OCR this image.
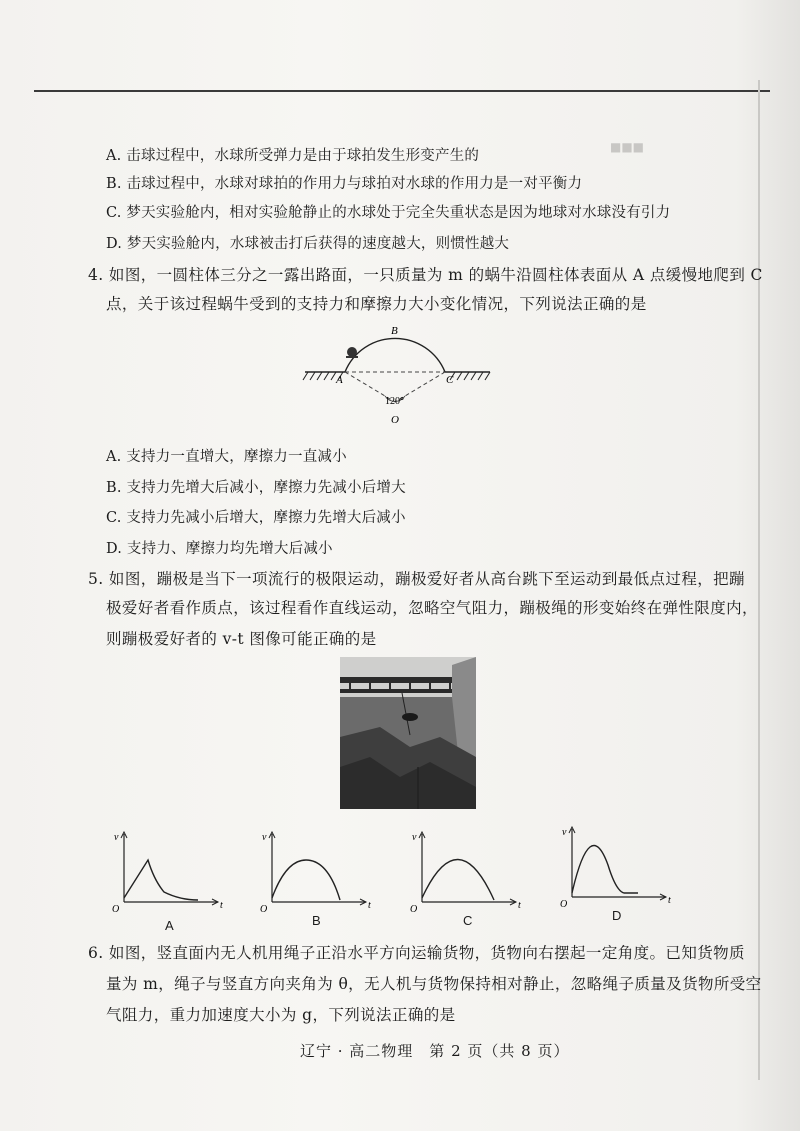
A. 击球过程中，水球所受弹力是由于球拍发生形变产生的
B. 击球过程中，水球对球拍的作用力与球拍对水球的作用力是一对平衡力
C. 梦天实验舱内，相对实验舱静止的水球处于完全失重状态是因为地球对水球没有引力
D. 梦天实验舱内，水球被击打后获得的速度越大，则惯性越大
4. 如图，一圆柱体三分之一露出路面，一只质量为 m 的蜗牛沿圆柱体表面从 A 点缓慢地爬到 C
点，关于该过程蜗牛受到的支持力和摩擦力大小变化情况，下列说法正确的是
B
A	C
120°
O
A. 支持力一直增大，摩擦力一直减小
B. 支持力先增大后减小，摩擦力先减小后增大
C. 支持力先减小后增大，摩擦力先增大后减小
D. 支持力、摩擦力均先增大后减小
5. 如图，蹦极是当下一项流行的极限运动，蹦极爱好者从高台跳下至运动到最低点过程，把蹦
极爱好者看作质点，该过程看作直线运动，忽略空气阻力，蹦极绳的形变始终在弹性限度内，
则蹦极爱好者的 v-t 图像可能正确的是
■■■
v
t
O
v
t
O
v
t
O
v
t
O
A	B	C	D
6. 如图，竖直面内无人机用绳子正沿水平方向运输货物，货物向右摆起一定角度。已知货物质
量为 m，绳子与竖直方向夹角为 θ，无人机与货物保持相对静止，忽略绳子质量及货物所受空
气阻力，重力加速度大小为 g，下列说法正确的是
辽宁 · 高二物理　第 2 页（共 8 页）
